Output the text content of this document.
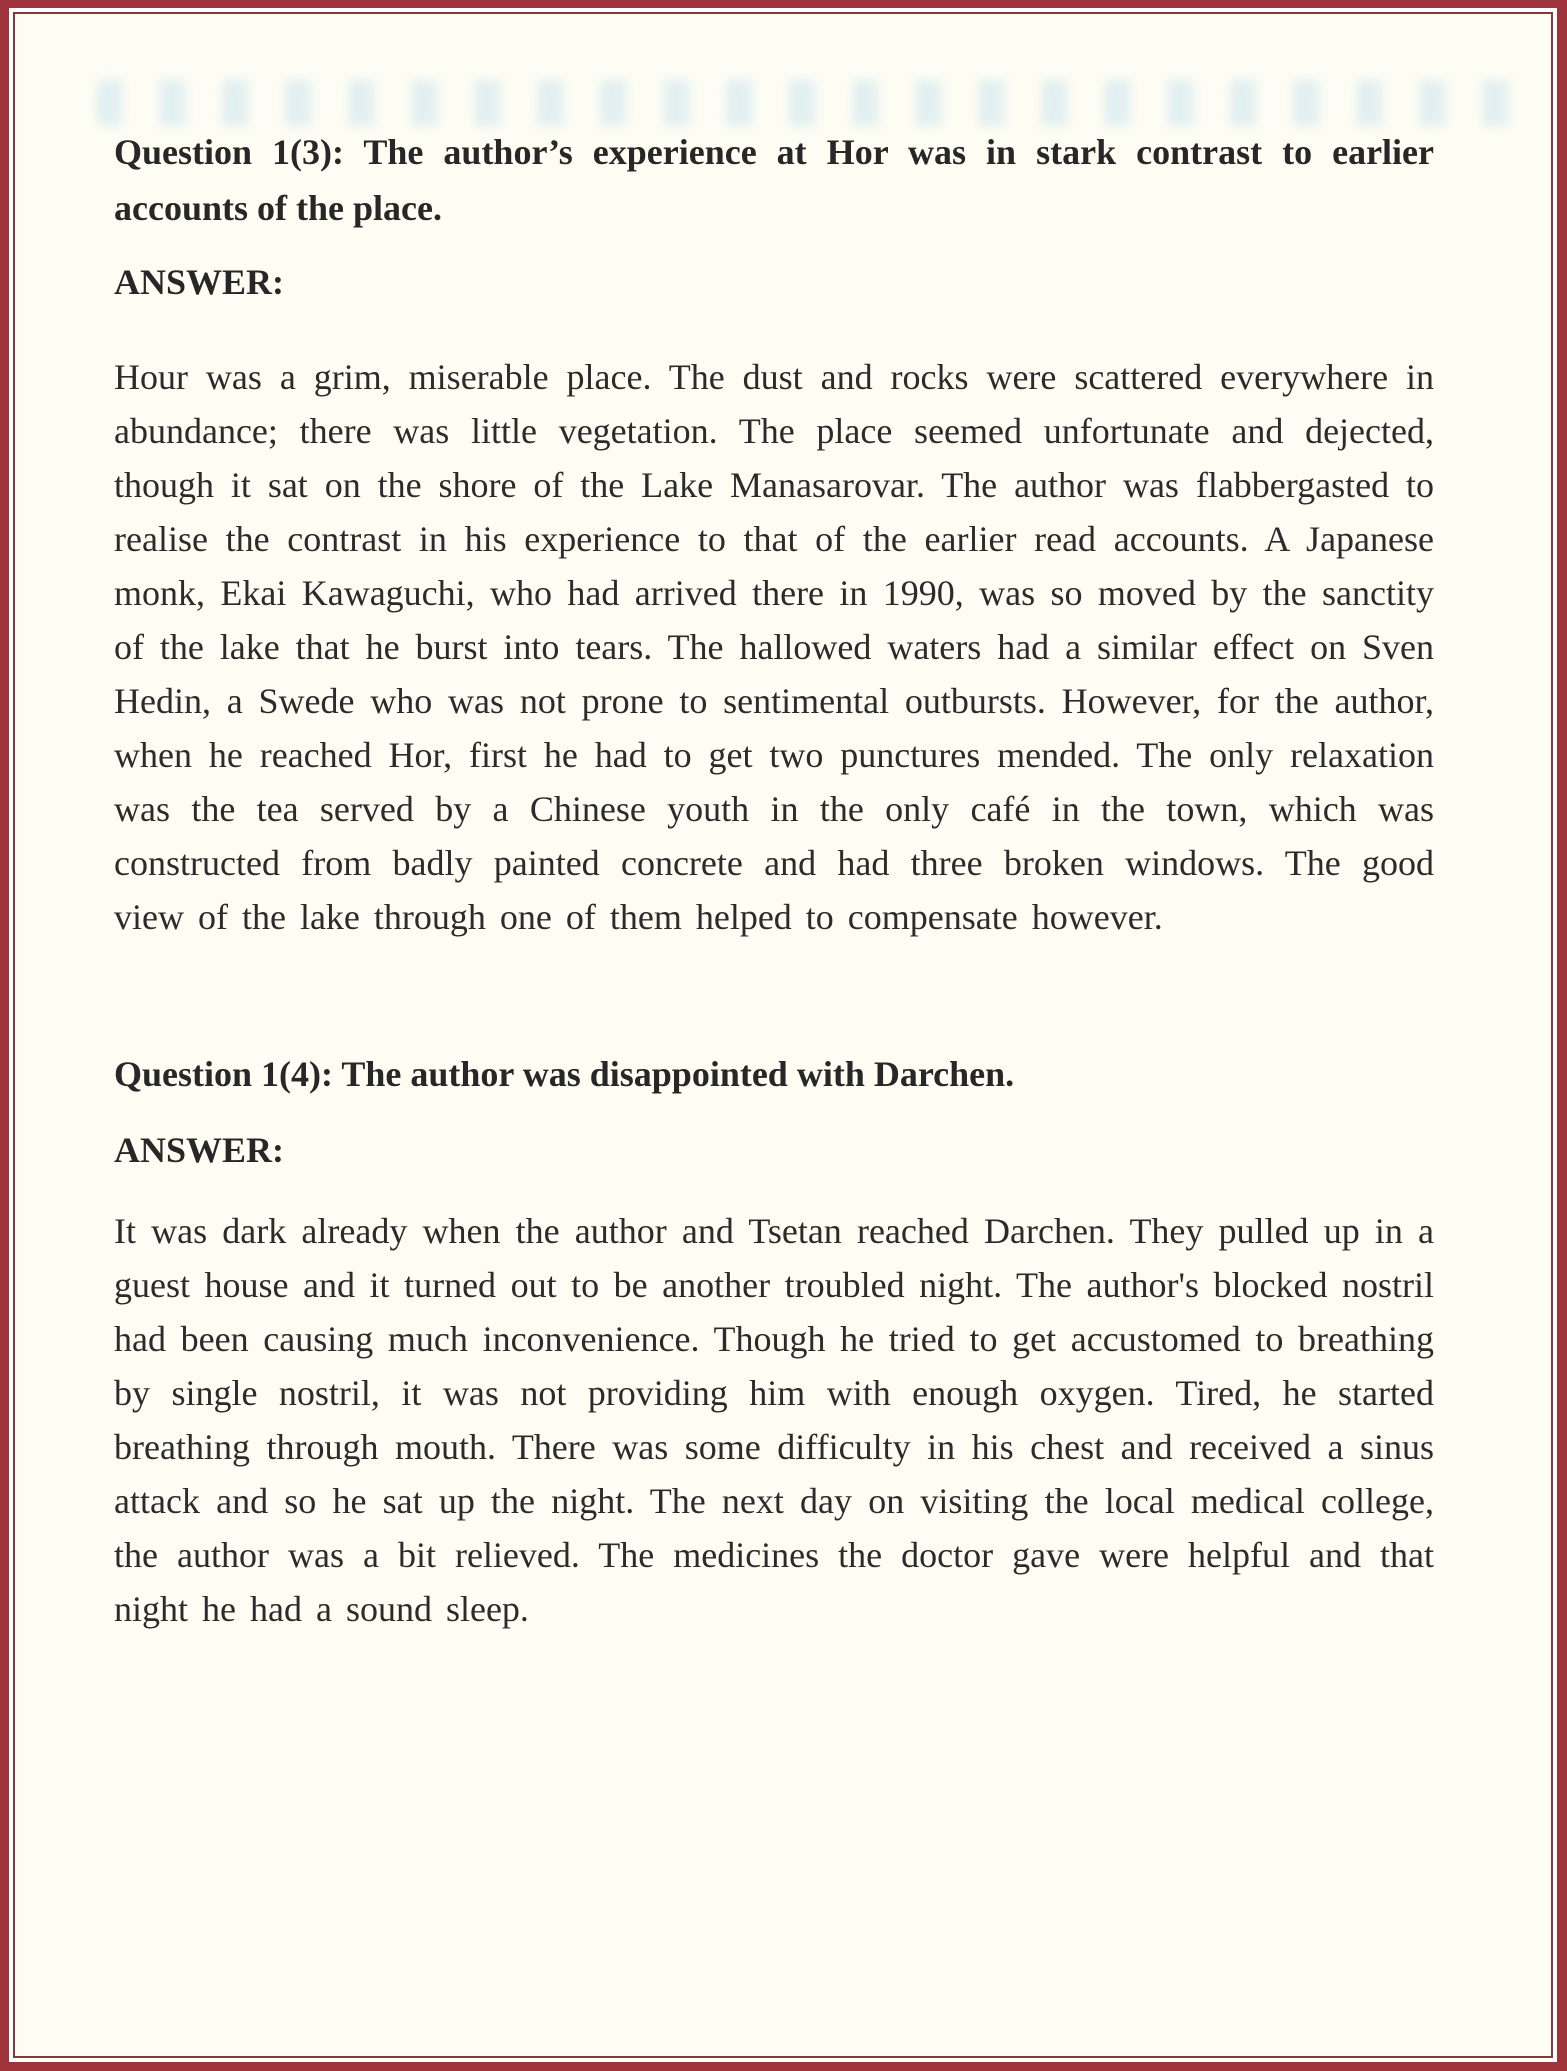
Question 1(3): The author’s experience at Hor was in stark contrast to earlier accounts of the place.
ANSWER:

Hour was a grim, miserable place. The dust and rocks were scattered everywhere in abundance; there was little vegetation. The place seemed unfortunate and dejected, though it sat on the shore of the Lake Manasarovar. The author was flabbergasted to realise the contrast in his experience to that of the earlier read accounts. A Japanese monk, Ekai Kawaguchi, who had arrived there in 1990, was so moved by the sanctity of the lake that he burst into tears. The hallowed waters had a similar effect on Sven Hedin, a Swede who was not prone to sentimental outbursts. However, for the author, when he reached Hor, first he had to get two punctures mended. The only relaxation was the tea served by a Chinese youth in the only café in the town, which was constructed from badly painted concrete and had three broken windows. The good view of the lake through one of them helped to compensate however.

Question 1(4): The author was disappointed with Darchen.
ANSWER:

It was dark already when the author and Tsetan reached Darchen. They pulled up in a guest house and it turned out to be another troubled night. The author's blocked nostril had been causing much inconvenience. Though he tried to get accustomed to breathing by single nostril, it was not providing him with enough oxygen. Tired, he started breathing through mouth. There was some difficulty in his chest and received a sinus attack and so he sat up the night. The next day on visiting the local medical college, the author was a bit relieved. The medicines the doctor gave were helpful and that night he had a sound sleep.
